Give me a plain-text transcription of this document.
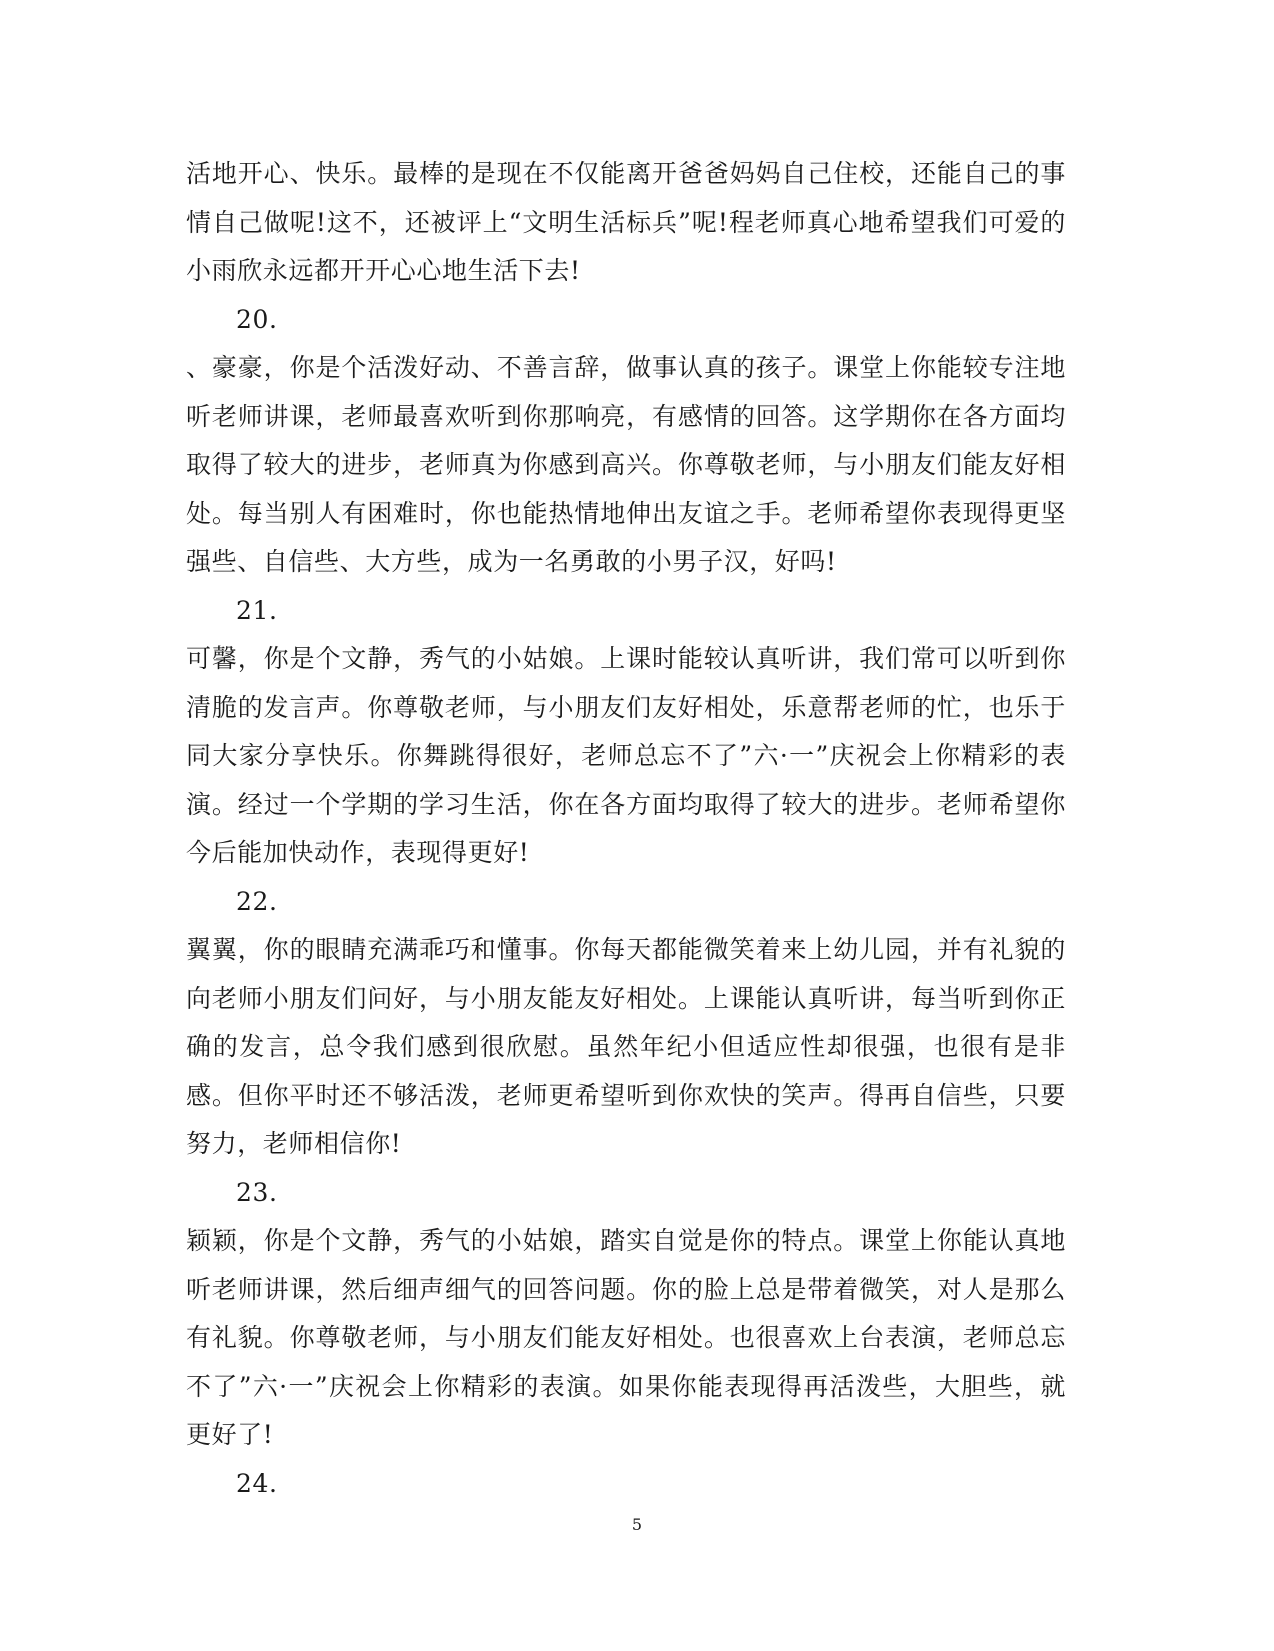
活地开心、快乐。最棒的是现在不仅能离开爸爸妈妈自己住校，还能自己的事情自己做呢!这不，还被评上“文明生活标兵”呢!程老师真心地希望我们可爱的小雨欣永远都开开心心地生活下去!

20.

、豪豪，你是个活泼好动、不善言辞，做事认真的孩子。课堂上你能较专注地听老师讲课，老师最喜欢听到你那响亮，有感情的回答。这学期你在各方面均取得了较大的进步，老师真为你感到高兴。你尊敬老师，与小朋友们能友好相处。每当别人有困难时，你也能热情地伸出友谊之手。老师希望你表现得更坚强些、自信些、大方些，成为一名勇敢的小男子汉，好吗!

21.

可馨，你是个文静，秀气的小姑娘。上课时能较认真听讲，我们常可以听到你清脆的发言声。你尊敬老师，与小朋友们友好相处，乐意帮老师的忙，也乐于同大家分享快乐。你舞跳得很好，老师总忘不了”六·一”庆祝会上你精彩的表演。经过一个学期的学习生活，你在各方面均取得了较大的进步。老师希望你今后能加快动作，表现得更好!

22.

翼翼，你的眼睛充满乖巧和懂事。你每天都能微笑着来上幼儿园，并有礼貌的向老师小朋友们问好，与小朋友能友好相处。上课能认真听讲，每当听到你正确的发言，总令我们感到很欣慰。虽然年纪小但适应性却很强，也很有是非感。但你平时还不够活泼，老师更希望听到你欢快的笑声。得再自信些，只要努力，老师相信你!

23.

颖颖，你是个文静，秀气的小姑娘，踏实自觉是你的特点。课堂上你能认真地听老师讲课，然后细声细气的回答问题。你的脸上总是带着微笑，对人是那么有礼貌。你尊敬老师，与小朋友们能友好相处。也很喜欢上台表演，老师总忘不了”六·一”庆祝会上你精彩的表演。如果你能表现得再活泼些，大胆些，就更好了!

24.

5
